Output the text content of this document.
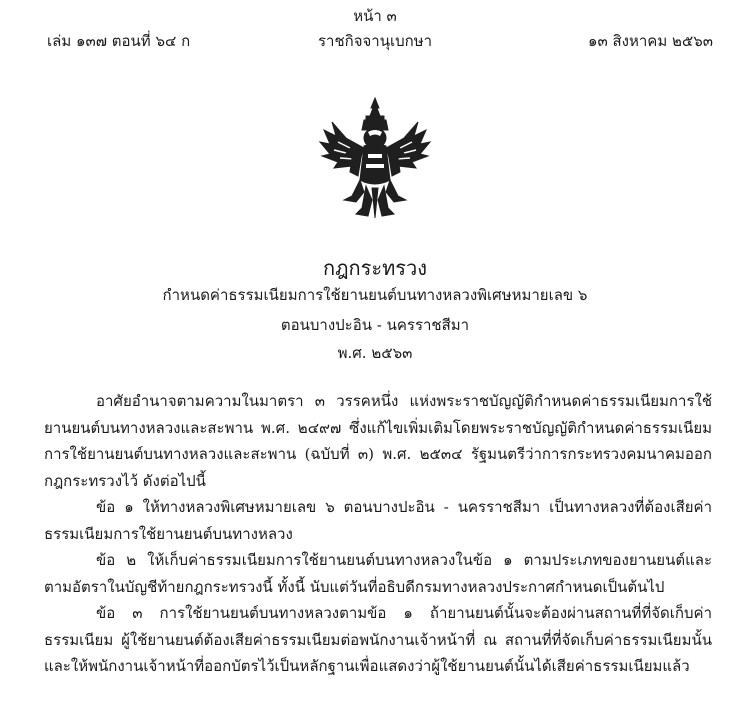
หน้า ๓
ราชกิจจานุเบกษา
เล่ม ๑๓๗ ตอนที่ ๖๔ ก	๑๓ สิงหาคม ๒๕๖๓
กฎกระทรวง
กำหนดค่าธรรมเนียมการใช้ยานยนต์บนทางหลวงพิเศษหมายเลข ๖
ตอนบางปะอิน - นครราชสีมา
พ.ศ. ๒๕๖๓

อาศัยอำนาจตามความในมาตรา ๓ วรรคหนึ่ง แห่งพระราชบัญญัติกำหนดค่าธรรมเนียมการใช้ยานยนต์บนทางหลวงและสะพาน พ.ศ. ๒๔๙๗ ซึ่งแก้ไขเพิ่มเติมโดยพระราชบัญญัติกำหนดค่าธรรมเนียมการใช้ยานยนต์บนทางหลวงและสะพาน (ฉบับที่ ๓) พ.ศ. ๒๕๓๔ รัฐมนตรีว่าการกระทรวงคมนาคมออกกฎกระทรวงไว้ ดังต่อไปนี้

ข้อ ๑ ให้ทางหลวงพิเศษหมายเลข ๖ ตอนบางปะอิน - นครราชสีมา เป็นทางหลวงที่ต้องเสียค่าธรรมเนียมการใช้ยานยนต์บนทางหลวง

ข้อ ๒ ให้เก็บค่าธรรมเนียมการใช้ยานยนต์บนทางหลวงในข้อ ๑ ตามประเภทของยานยนต์และตามอัตราในบัญชีท้ายกฎกระทรวงนี้ ทั้งนี้ นับแต่วันที่อธิบดีกรมทางหลวงประกาศกำหนดเป็นต้นไป

ข้อ ๓ การใช้ยานยนต์บนทางหลวงตามข้อ ๑ ถ้ายานยนต์นั้นจะต้องผ่านสถานที่ที่จัดเก็บค่าธรรมเนียม ผู้ใช้ยานยนต์ต้องเสียค่าธรรมเนียมต่อพนักงานเจ้าหน้าที่ ณ สถานที่ที่จัดเก็บค่าธรรมเนียมนั้น และให้พนักงานเจ้าหน้าที่ออกบัตรไว้เป็นหลักฐานเพื่อแสดงว่าผู้ใช้ยานยนต์นั้นได้เสียค่าธรรมเนียมแล้ว
